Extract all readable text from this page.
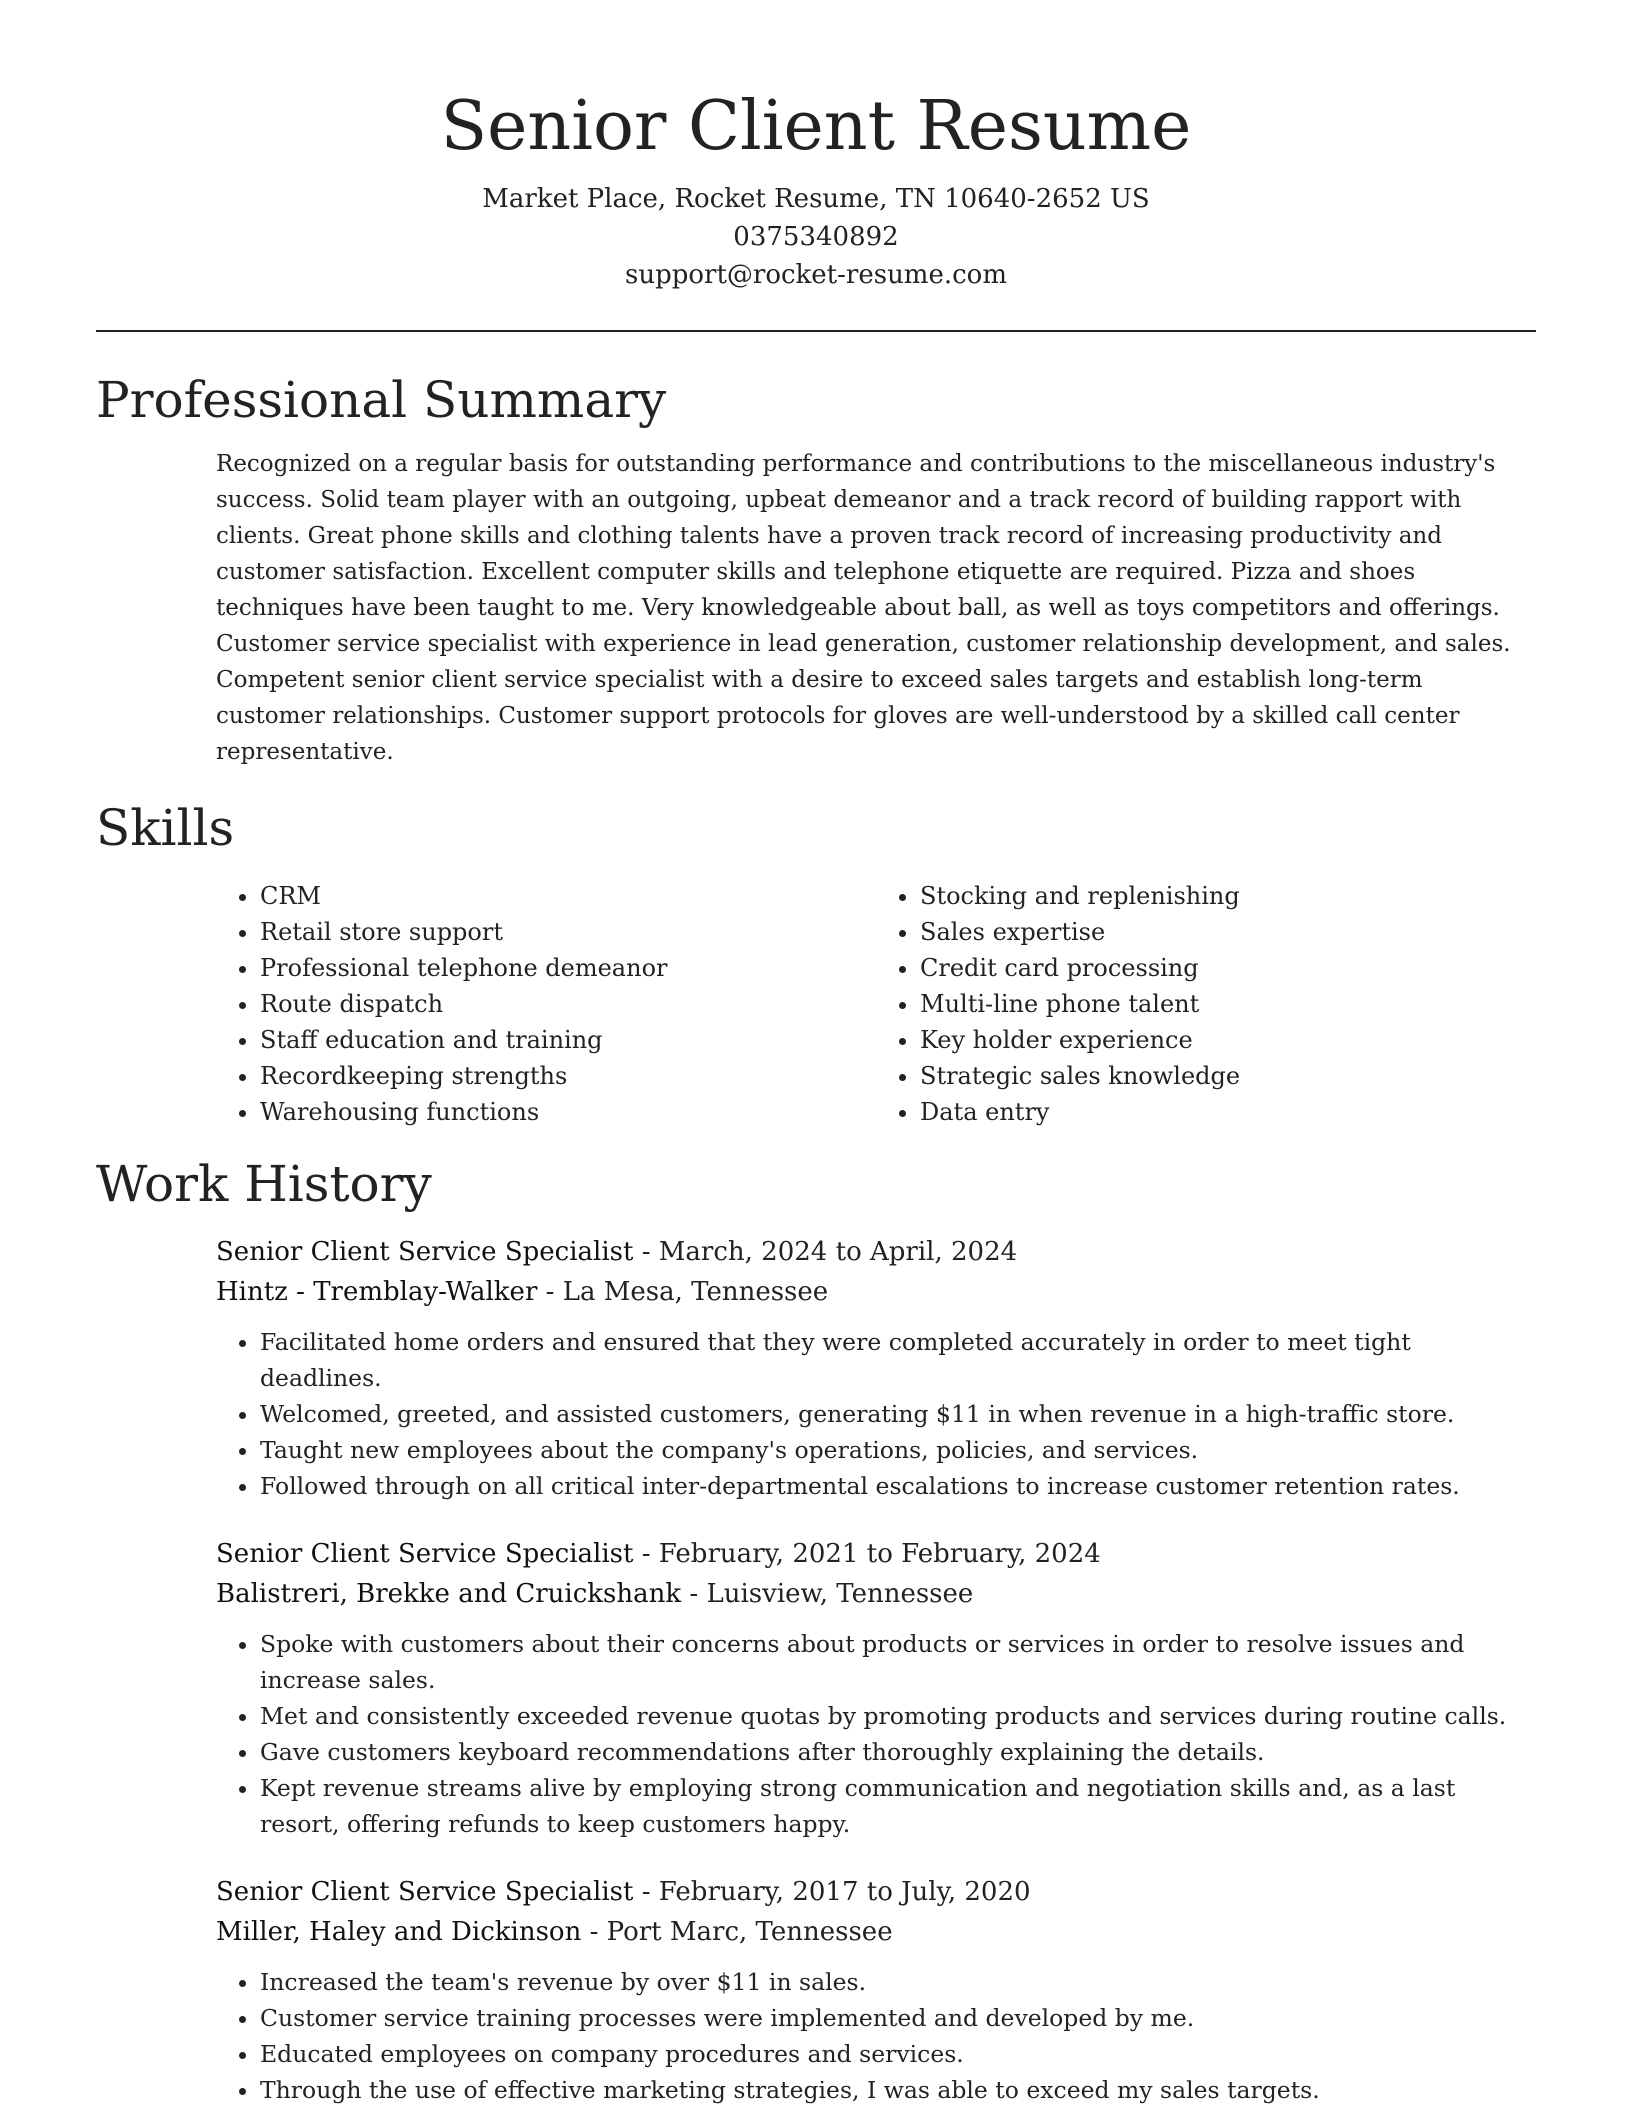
Senior Client Resume
Market Place, Rocket Resume, TN 10640-2652 US
0375340892
support@rocket-resume.com
Professional Summary

Recognized on a regular basis for outstanding performance and contributions to the miscellaneous industry's success. Solid team player with an outgoing, upbeat demeanor and a track record of building rapport with clients. Great phone skills and clothing talents have a proven track record of increasing productivity and customer satisfaction. Excellent computer skills and telephone etiquette are required. Pizza and shoes techniques have been taught to me. Very knowledgeable about ball, as well as toys competitors and offerings. Customer service specialist with experience in lead generation, customer relationship development, and sales. Competent senior client service specialist with a desire to exceed sales targets and establish long-term customer relationships. Customer support protocols for gloves are well-understood by a skilled call center representative.

Skills
• CRM
• Retail store support
• Professional telephone demeanor
• Route dispatch
• Staff education and training
• Recordkeeping strengths
• Warehousing functions
• Stocking and replenishing
• Sales expertise
• Credit card processing
• Multi-line phone talent
• Key holder experience
• Strategic sales knowledge
• Data entry
Work History
Senior Client Service Specialist - March, 2024 to April, 2024
Hintz - Tremblay-Walker - La Mesa, Tennessee
• Facilitated home orders and ensured that they were completed accurately in order to meet tight deadlines.
• Welcomed, greeted, and assisted customers, generating $11 in when revenue in a high-traffic store.
• Taught new employees about the company's operations, policies, and services.
• Followed through on all critical inter-departmental escalations to increase customer retention rates.
Senior Client Service Specialist - February, 2021 to February, 2024
Balistreri, Brekke and Cruickshank - Luisview, Tennessee
• Spoke with customers about their concerns about products or services in order to resolve issues and increase sales.
• Met and consistently exceeded revenue quotas by promoting products and services during routine calls.
• Gave customers keyboard recommendations after thoroughly explaining the details.
• Kept revenue streams alive by employing strong communication and negotiation skills and, as a last resort, offering refunds to keep customers happy.
Senior Client Service Specialist - February, 2017 to July, 2020
Miller, Haley and Dickinson - Port Marc, Tennessee
• Increased the team's revenue by over $11 in sales.
• Customer service training processes were implemented and developed by me.
• Educated employees on company procedures and services.
• Through the use of effective marketing strategies, I was able to exceed my sales targets.
